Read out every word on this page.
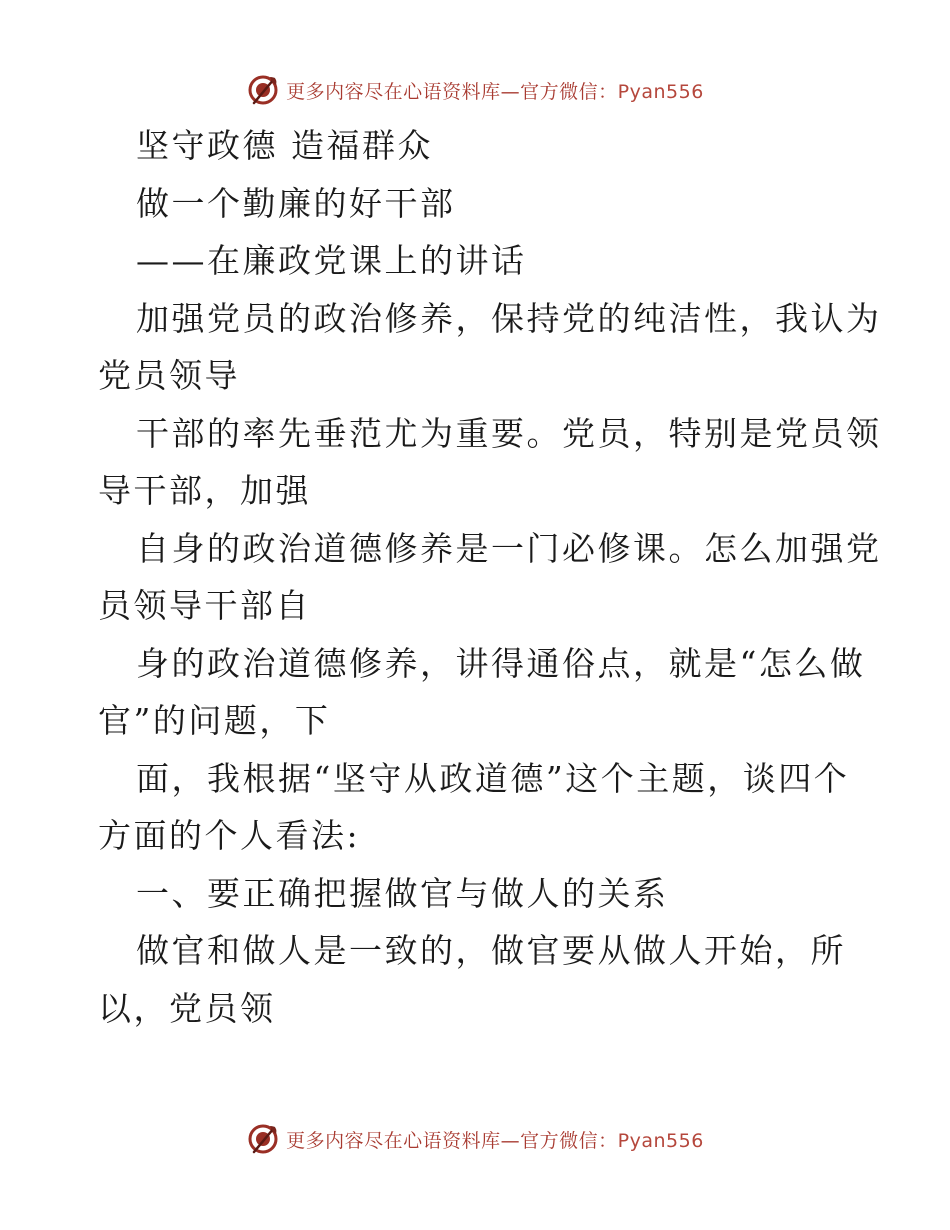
更多内容尽在心语资料库—官方微信：Pyan556
坚守政德 造福群众
做一个勤廉的好干部
——在廉政党课上的讲话
加强党员的政治修养，保持党的纯洁性，我认为
党员领导
干部的率先垂范尤为重要。党员，特别是党员领
导干部，加强
自身的政治道德修养是一门必修课。怎么加强党
员领导干部自
身的政治道德修养，讲得通俗点，就是“怎么做
官”的问题，下
面，我根据“坚守从政道德”这个主题，谈四个
方面的个人看法:
一、要正确把握做官与做人的关系
做官和做人是一致的，做官要从做人开始，所
以，党员领
更多内容尽在心语资料库—官方微信：Pyan556
